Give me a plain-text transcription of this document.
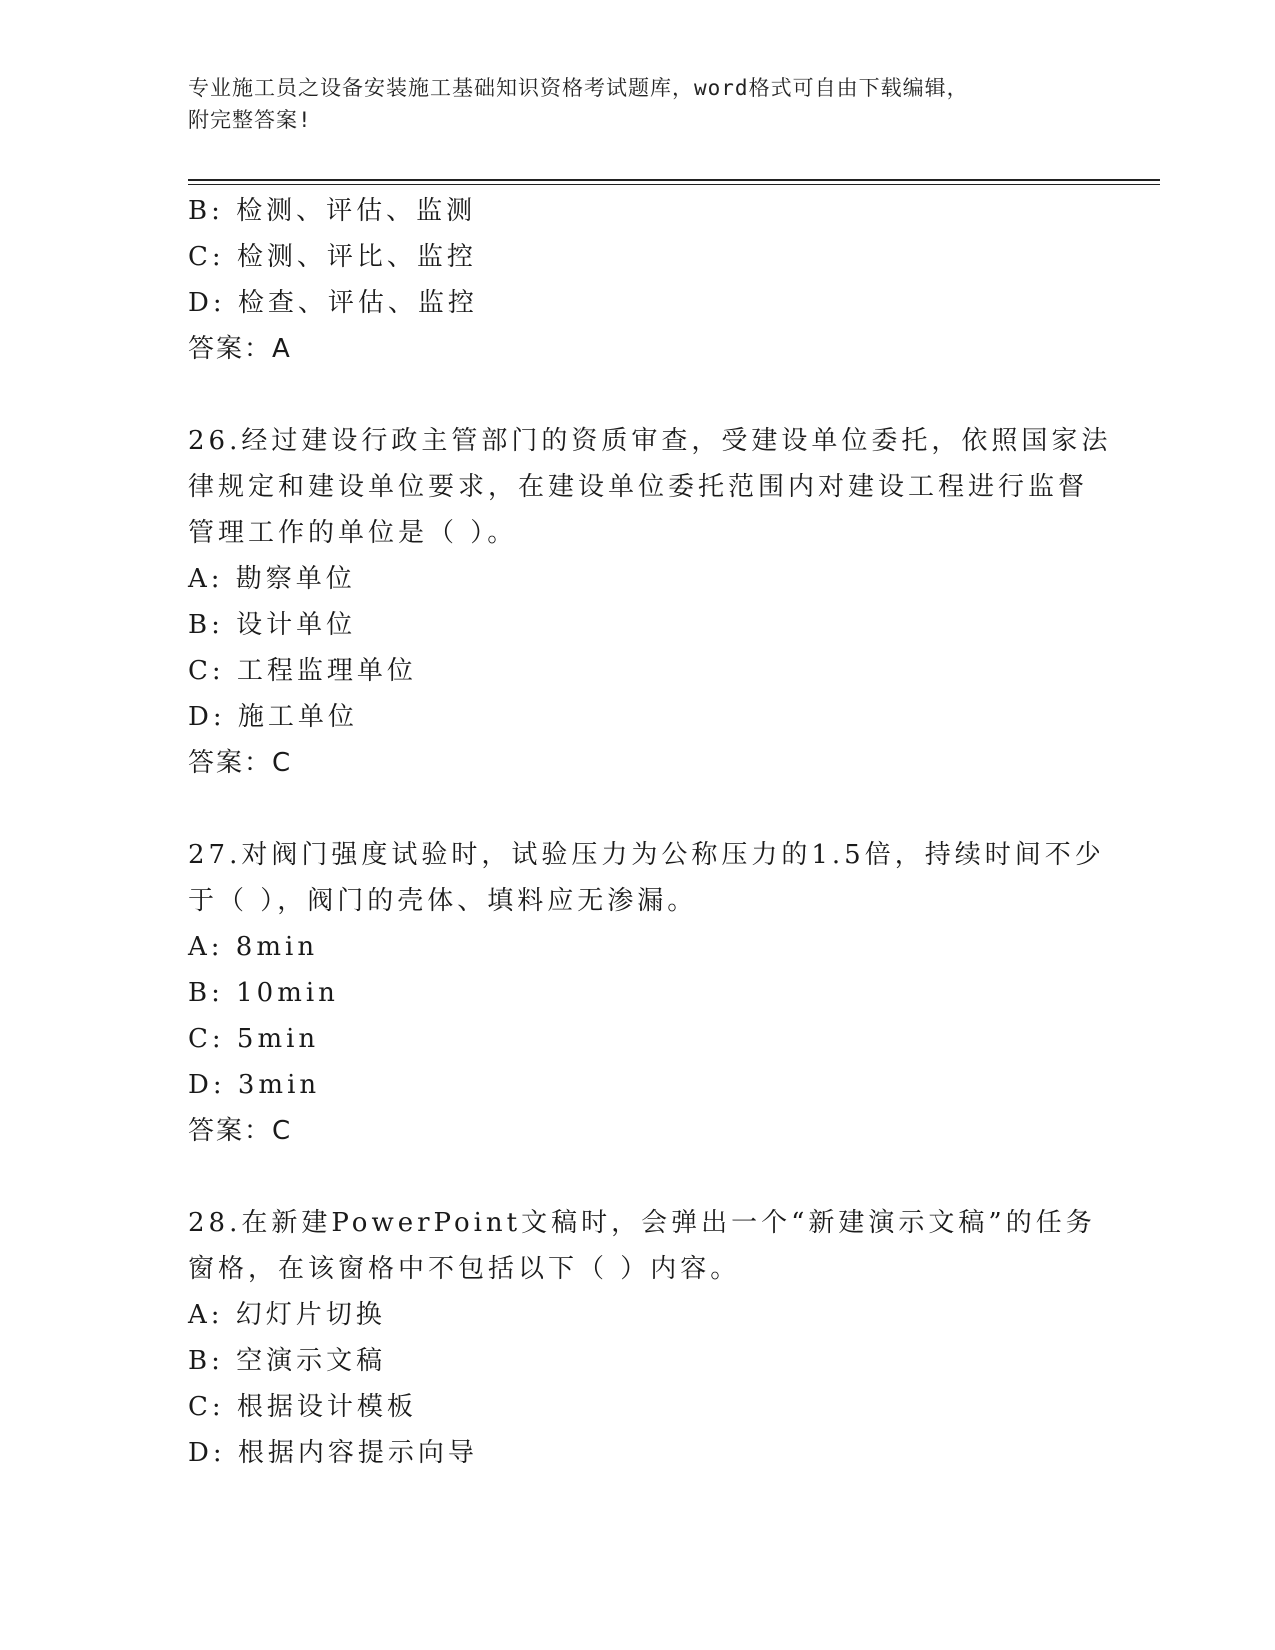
专业施工员之设备安装施工基础知识资格考试题库，word格式可自由下载编辑，
附完整答案!
B: 检测、评估、监测
C: 检测、评比、监控
D: 检查、评估、监控
答案：A
26.经过建设行政主管部门的资质审查，受建设单位委托，依照国家法
律规定和建设单位要求，在建设单位委托范围内对建设工程进行监督
管理工作的单位是（ ）。
A: 勘察单位
B: 设计单位
C: 工程监理单位
D: 施工单位
答案：C
27.对阀门强度试验时，试验压力为公称压力的1.5倍，持续时间不少
于（ ），阀门的壳体、填料应无渗漏。
A: 8min
B: 10min
C: 5min
D: 3min
答案：C
28.在新建PowerPoint文稿时，会弹出一个“新建演示文稿”的任务
窗格，在该窗格中不包括以下（ ）内容。
A: 幻灯片切换
B: 空演示文稿
C: 根据设计模板
D: 根据内容提示向导
